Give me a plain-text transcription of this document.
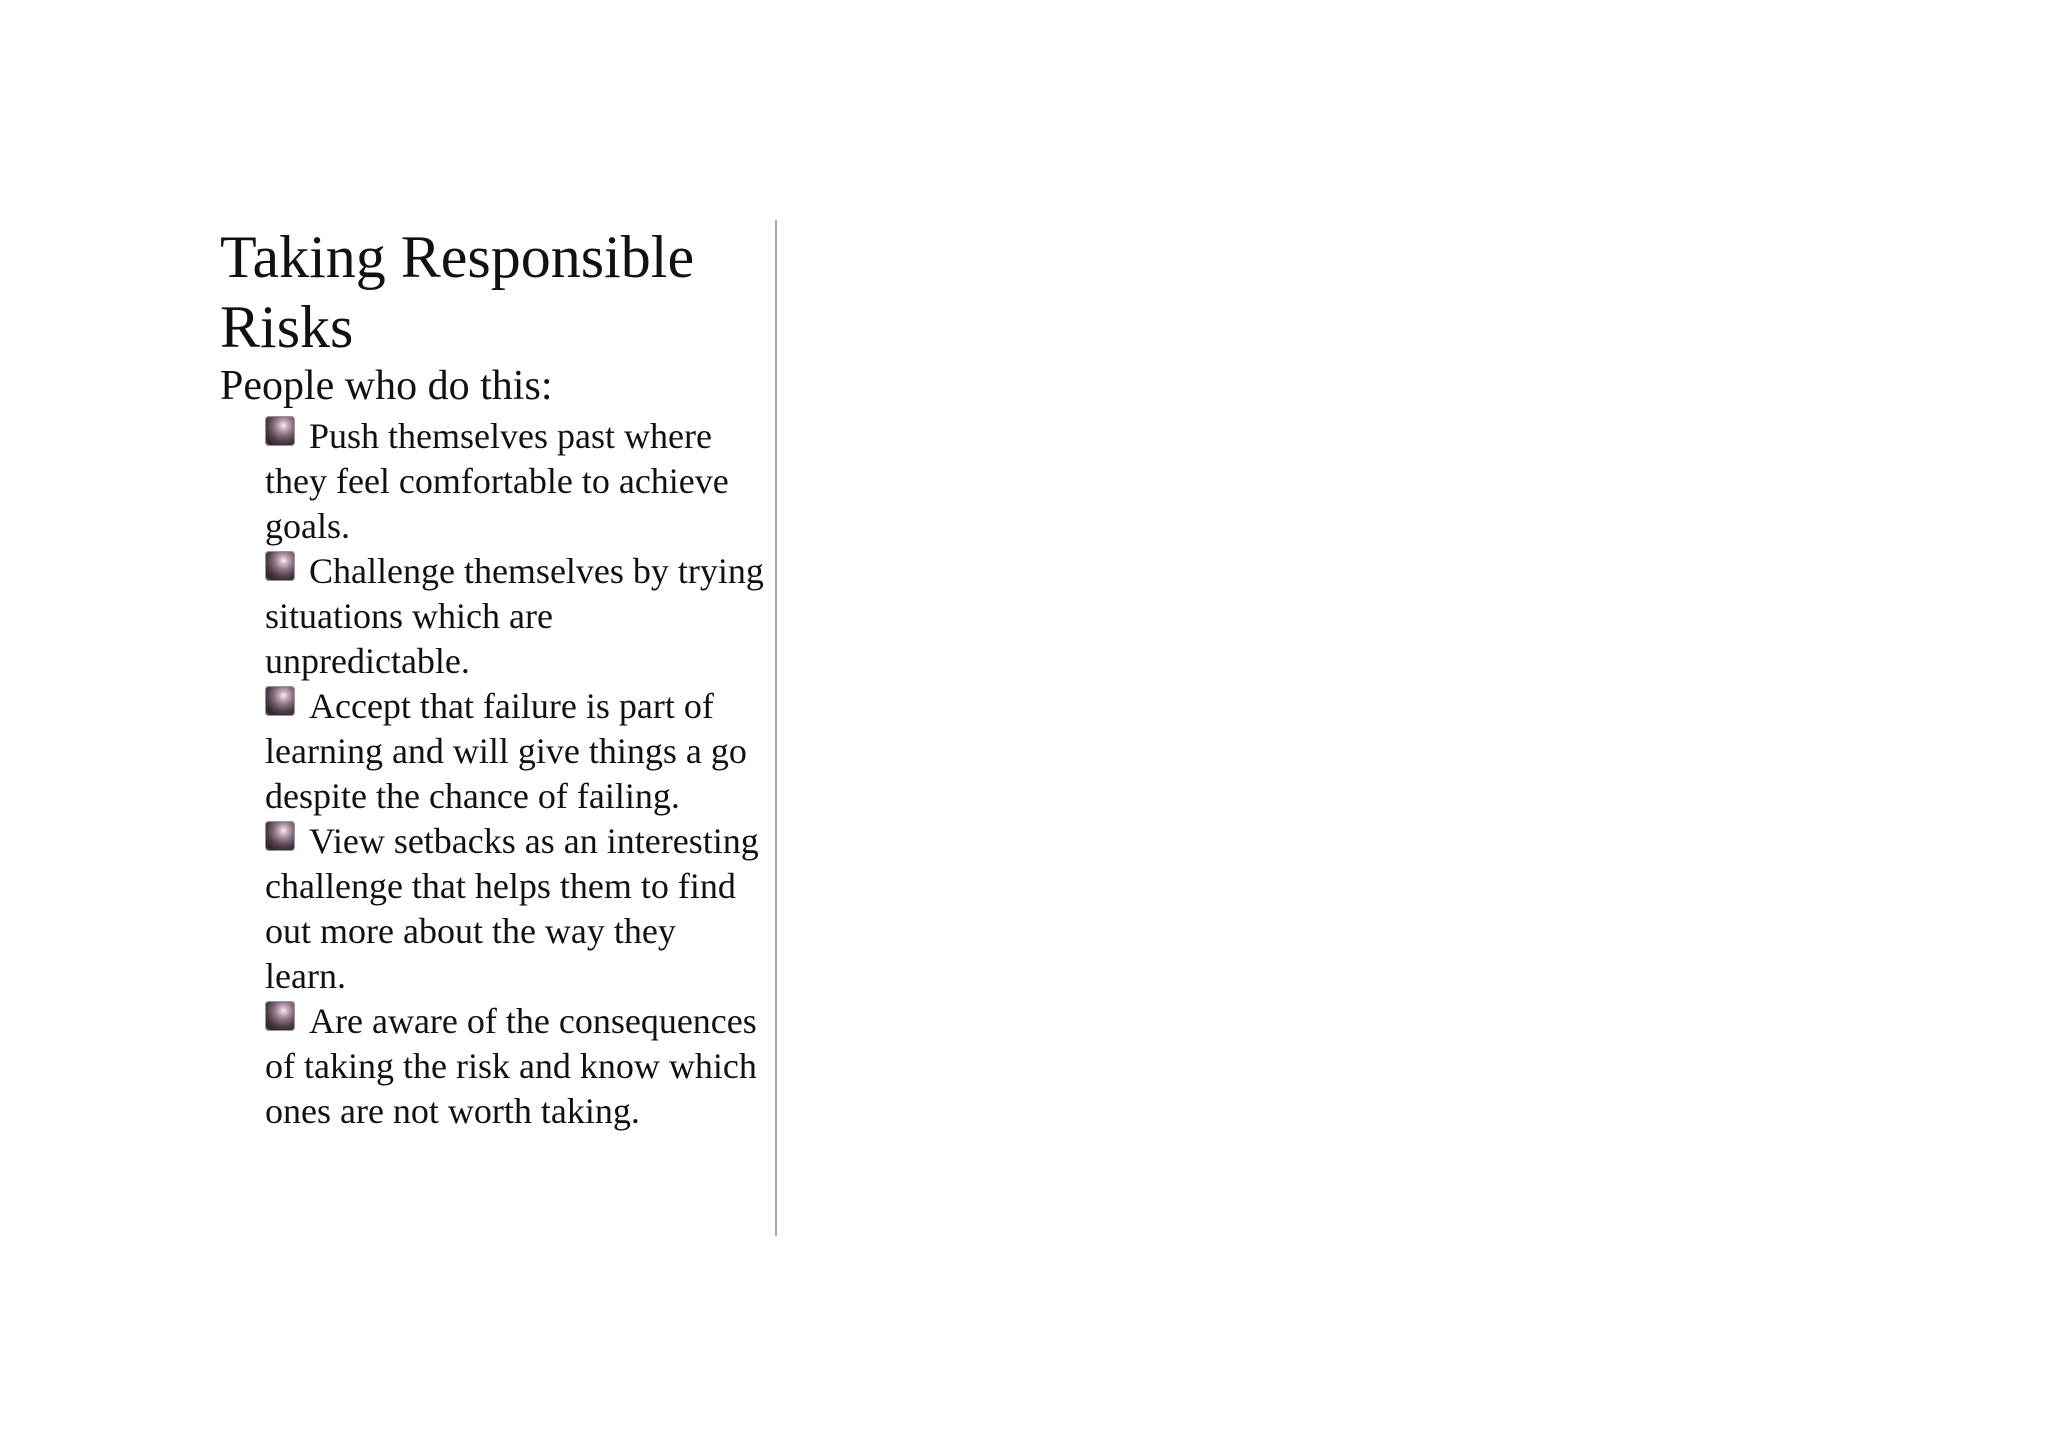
Taking Responsible Risks

People who do this:

Push themselves past where they feel comfortable to achieve goals.
Challenge themselves by trying situations which are unpredictable.
Accept that failure is part of learning and will give things a go despite the chance of failing.
View setbacks as an interesting challenge that helps them to find out more about the way they learn.
Are aware of the consequences of taking the risk and know which ones are not worth taking.
